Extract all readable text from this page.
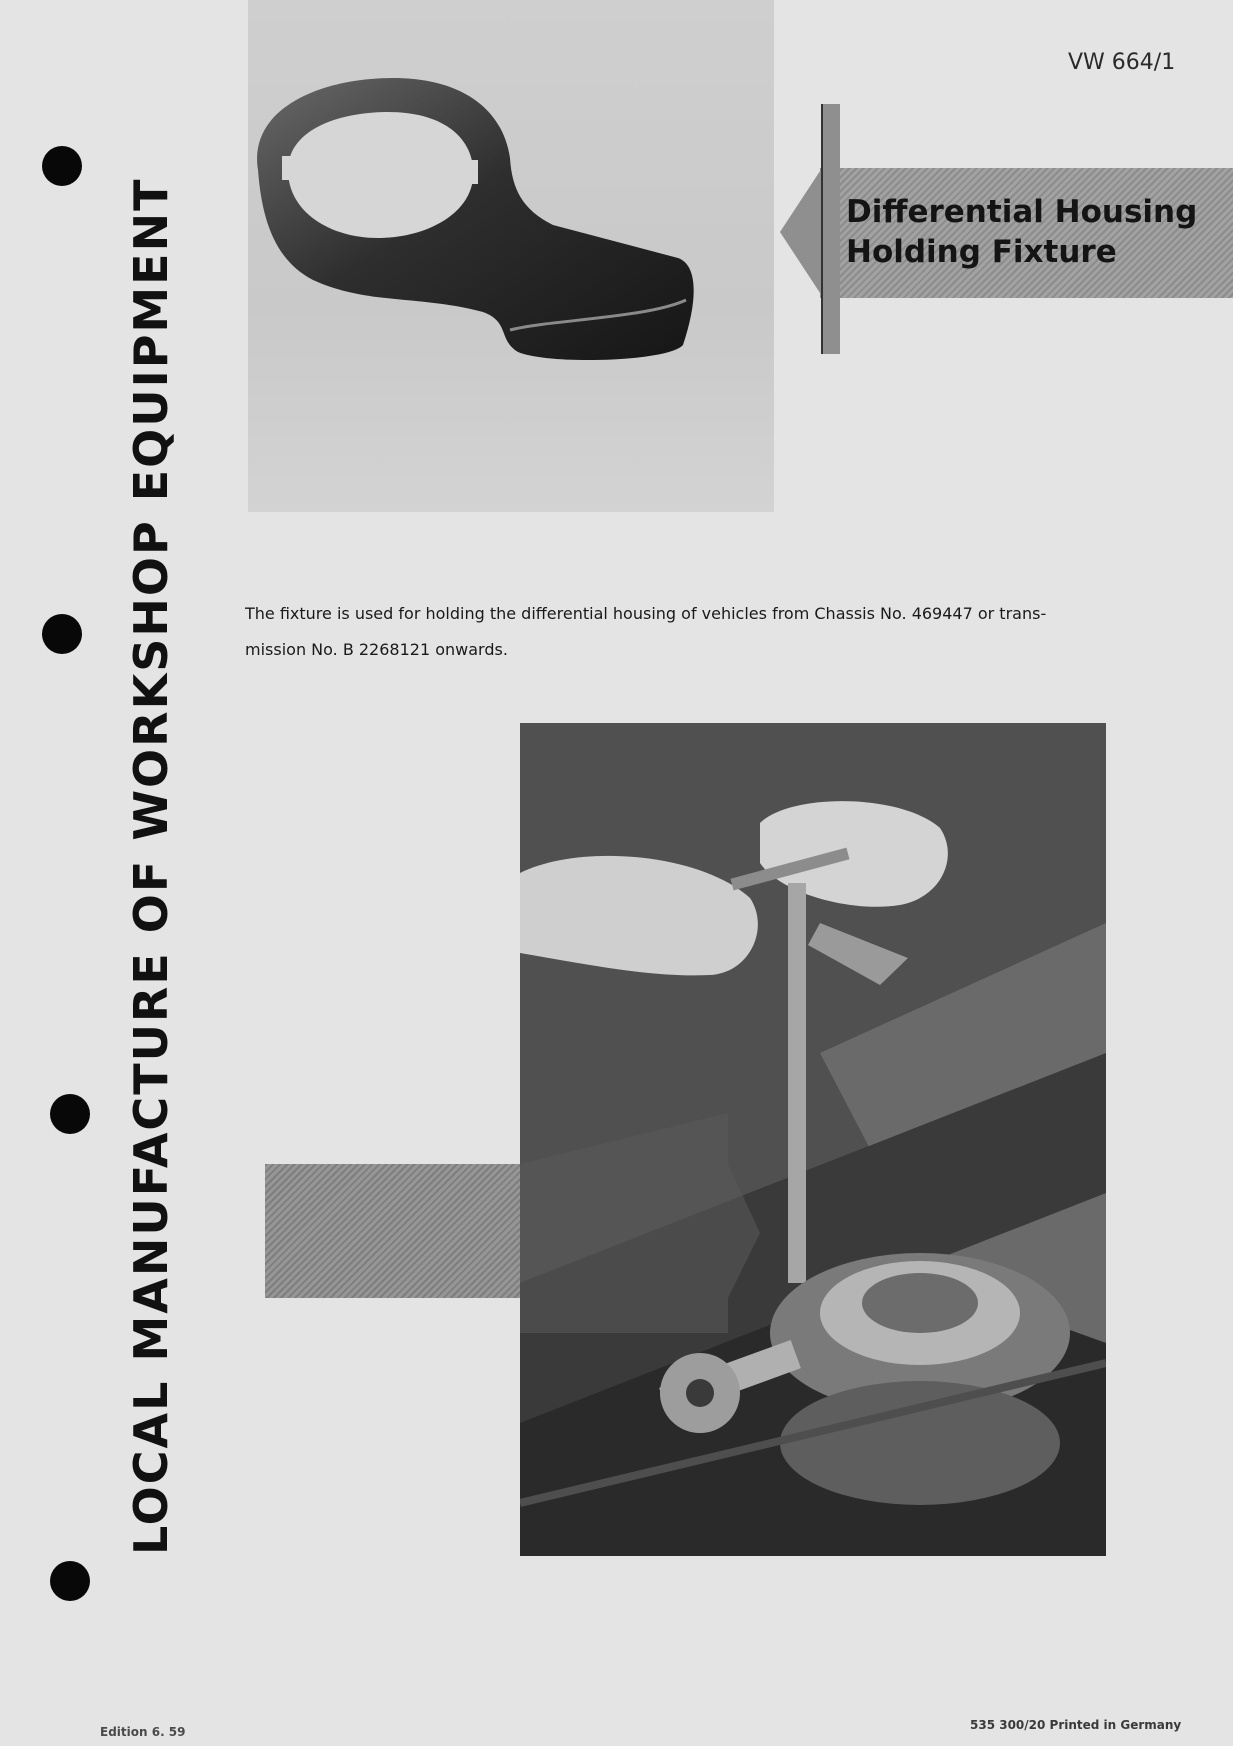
LOCAL MANUFACTURE OF WORKSHOP EQUIPMENT
VW 664/1
Differential Housing
Holding Fixture
The fixture is used for holding the differential housing of vehicles from Chassis No. 469447 or trans-
mission No. B 2268121 onwards.
Edition 6. 59	535 300/20 Printed in Germany
